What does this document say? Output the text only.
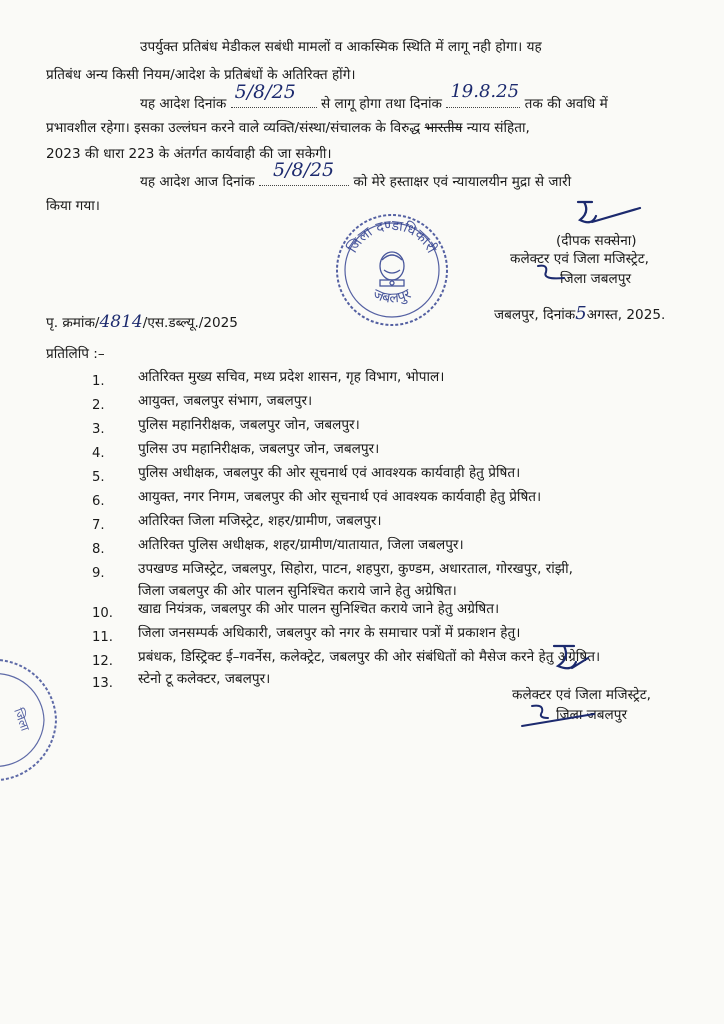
उपर्युक्त प्रतिबंध मेडीकल सबंधी मामलों व आकस्मिक स्थिति में लागू नही होगा। यह
प्रतिबंध अन्य किसी नियम/आदेश के प्रतिबंधों के अतिरिक्त होंगे।
यह आदेश दिनांक
5/8/25
से लागू होगा तथा दिनांक
19.8.25
तक की अवधि में
प्रभावशील रहेगा। इसका उल्लंघन करने वाले व्यक्ति/संस्था/संचालक के विरुद्ध भारतीय न्याय संहिता,
2023 की धारा 223 के अंतर्गत कार्यवाही की जा सकेगी।
यह आदेश आज दिनांक
5/8/25
को मेरे हस्ताक्षर एवं न्यायालयीन मुद्रा से जारी
किया गया।
जिला दण्डाधिकारी
जबलपुर
(दीपक सक्सेना)
कलेक्टर एवं जिला मजिस्ट्रेट,
जिला जबलपुर
पृ. क्रमांक/4814/एस.डब्ल्यू./2025	जबलपुर, दिनांक5अगस्त, 2025.
प्रतिलिपि :–
1. अतिरिक्त मुख्य सचिव, मध्य प्रदेश शासन, गृह विभाग, भोपाल।
2. आयुक्त, जबलपुर संभाग, जबलपुर।
3. पुलिस महानिरीक्षक, जबलपुर जोन, जबलपुर।
4. पुलिस उप महानिरीक्षक, जबलपुर जोन, जबलपुर।
5. पुलिस अधीक्षक, जबलपुर की ओर सूचनार्थ एवं आवश्यक कार्यवाही हेतु प्रेषित।
6. आयुक्त, नगर निगम, जबलपुर की ओर सूचनार्थ एवं आवश्यक कार्यवाही हेतु प्रेषित।
7. अतिरिक्त जिला मजिस्ट्रेट, शहर/ग्रामीण, जबलपुर।
8. अतिरिक्त पुलिस अधीक्षक, शहर/ग्रामीण/यातायात, जिला जबलपुर।
9. उपखण्ड मजिस्ट्रेट, जबलपुर, सिहोरा, पाटन, शहपुरा, कुण्डम, अधारताल, गोरखपुर, रांझी,
जिला जबलपुर की ओर पालन सुनिश्चित कराये जाने हेतु अग्रेषित।
10. खाद्य नियंत्रक, जबलपुर की ओर पालन सुनिश्चित कराये जाने हेतु अग्रेषित।
11. जिला जनसम्पर्क अधिकारी, जबलपुर को नगर के समाचार पत्रों में प्रकाशन हेतु।
12. प्रबंधक, डिस्ट्रिक्ट ई–गवर्नेस, कलेक्ट्रेट, जबलपुर की ओर संबंधितों को मैसेज करने हेतु अग्रेषित।
13. स्टेनो टू कलेक्टर, जबलपुर।
कलेक्टर एवं जिला मजिस्ट्रेट,
जिला जबलपुर
जिला
